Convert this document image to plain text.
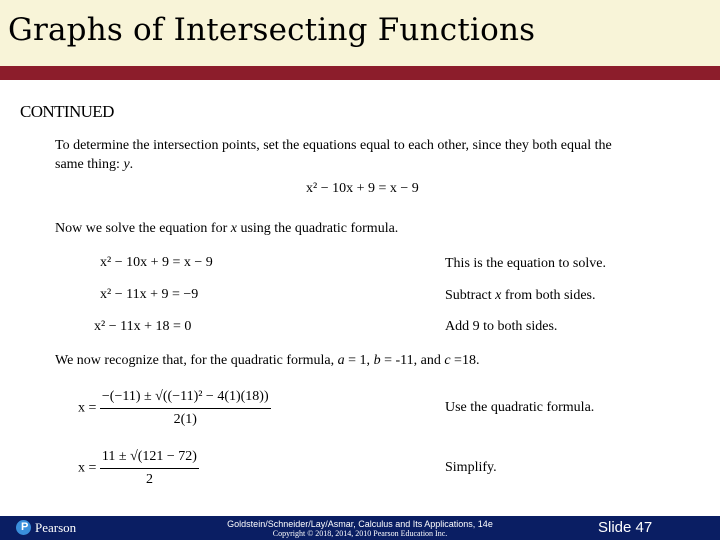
Graphs of Intersecting Functions
CONTINUED
To determine the intersection points, set the equations equal to each other, since they both equal the
same thing: y.
x² − 10x + 9 = x − 9
Now we solve the equation for x using the quadratic formula.
x² − 10x + 9 = x − 9	This is the equation to solve.
x² − 11x + 9 = −9	Subtract x from both sides.
x² − 11x + 18 = 0	Add 9 to both sides.
We now recognize that, for the quadratic formula, a = 1, b = -11, and c =18.
$x = \frac{\text{−(−11) ± √((−11)² − 4(1)(18))}}{2(1)}$	Use the quadratic formula.
$x = \frac{11 \pm √(121 - 72)}{2}$	Simplify.
P Pearson	Goldstein/Schneider/Lay/Asmar, Calculus and Its Applications, 14e
Copyright © 2018, 2014, 2010 Pearson Education Inc.	Slide 47
